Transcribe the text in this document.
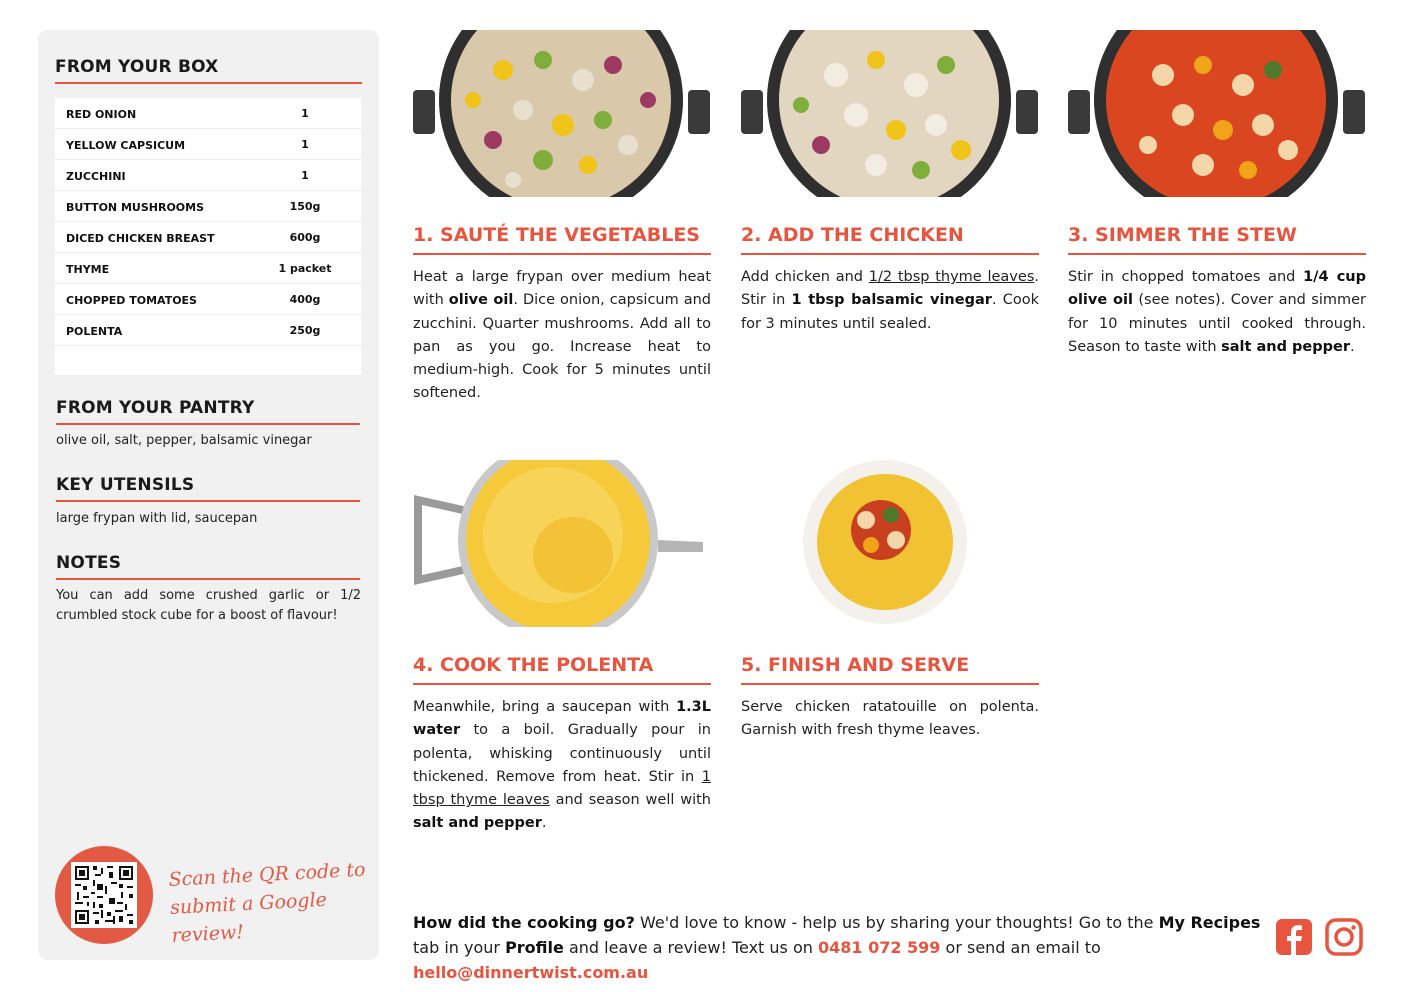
FROM YOUR BOX
RED ONION	1
YELLOW CAPSICUM	1
ZUCCHINI	1
BUTTON MUSHROOMS	150g
DICED CHICKEN BREAST	600g
THYME	1 packet
CHOPPED TOMATOES	400g
POLENTA	250g
FROM YOUR PANTRY
olive oil, salt, pepper, balsamic vinegar
KEY UTENSILS
large frypan with lid, saucepan
NOTES
You can add some crushed garlic or 1/2 crumbled stock cube for a boost of flavour!
Scan the QR code to
submit a Google review!
1. SAUTÉ THE VEGETABLES
Heat a large frypan over medium heat with olive oil. Dice onion, capsicum and zucchini. Quarter mushrooms. Add all to pan as you go. Increase heat to medium-high. Cook for 5 minutes until softened.
2. ADD THE CHICKEN
Add chicken and 1/2 tbsp thyme leaves. Stir in 1 tbsp balsamic vinegar. Cook for 3 minutes until sealed.
3. SIMMER THE STEW
Stir in chopped tomatoes and 1/4 cup olive oil (see notes). Cover and simmer for 10 minutes until cooked through. Season to taste with salt and pepper.
4. COOK THE POLENTA
Meanwhile, bring a saucepan with 1.3L water to a boil. Gradually pour in polenta, whisking continuously until thickened. Remove from heat. Stir in 1 tbsp thyme leaves and season well with salt and pepper.
5. FINISH AND SERVE
Serve chicken ratatouille on polenta. Garnish with fresh thyme leaves.
How did the cooking go? We'd love to know - help us by sharing your thoughts! Go to the My Recipes tab in your Profile and leave a review! Text us on 0481 072 599 or send an email to hello@dinnertwist.com.au
